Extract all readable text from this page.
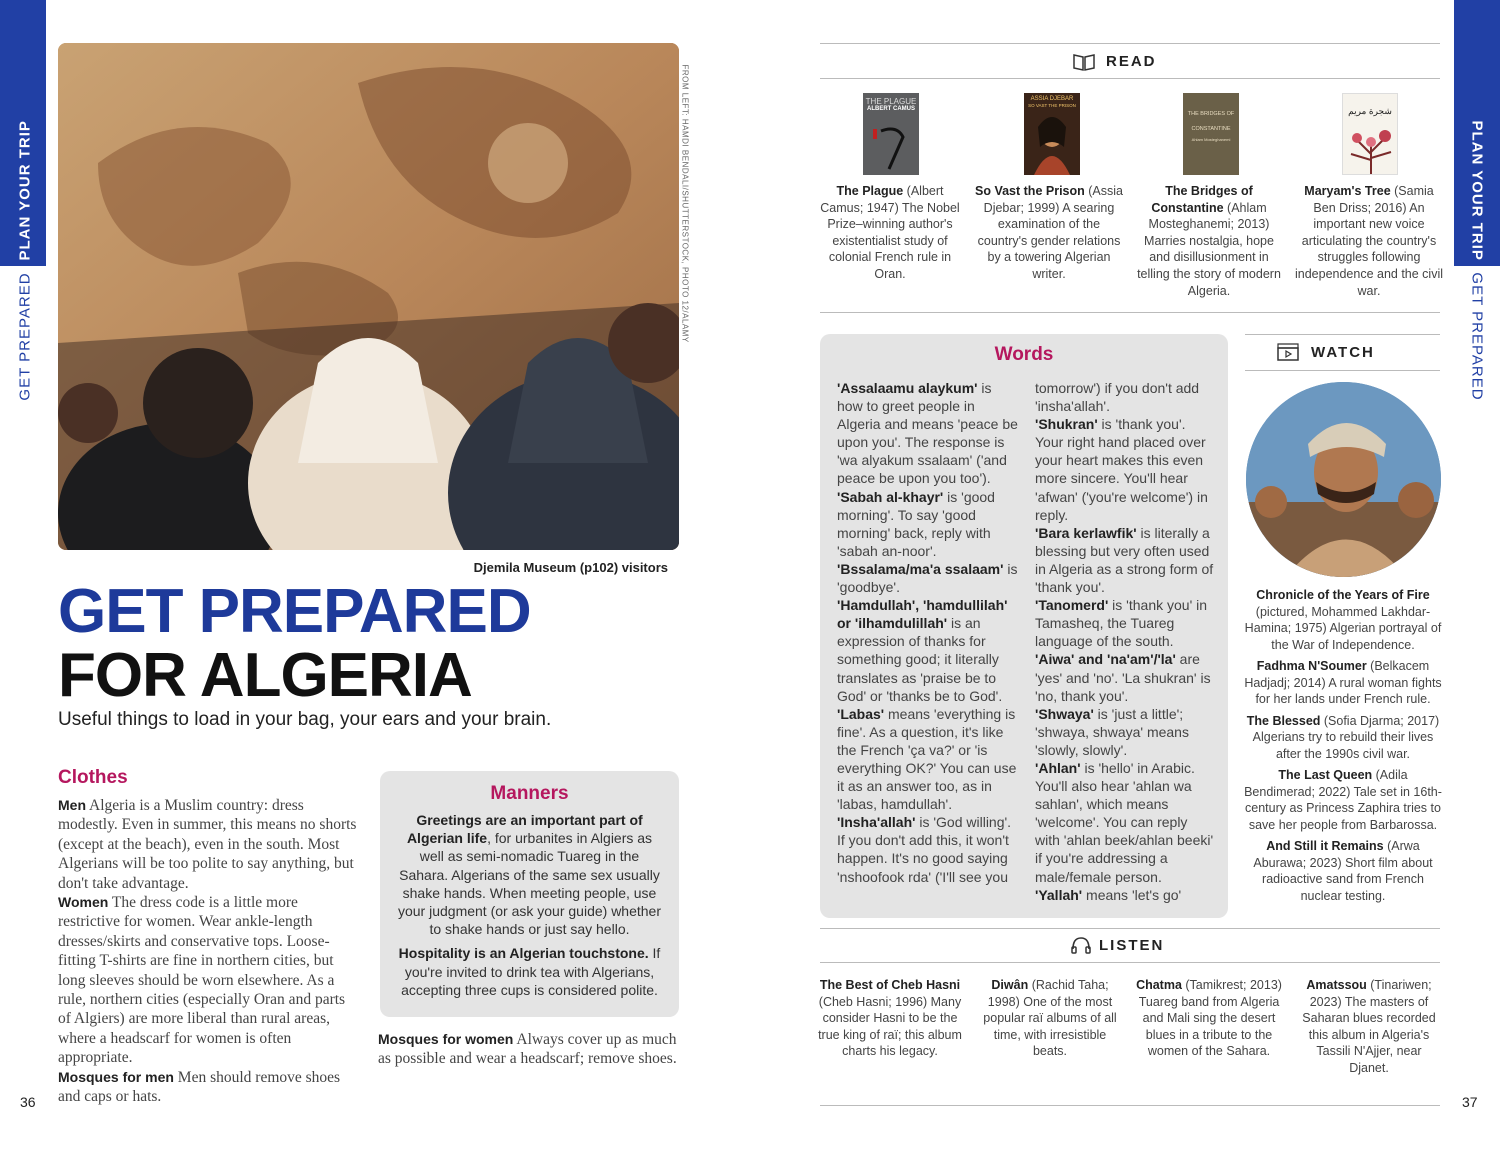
PLAN YOUR TRIP
GET PREPARED
PLAN YOUR TRIP
GET PREPARED
FROM LEFT: HAMDI BENDALI/SHUTTERSTOCK, PHOTO 12/ALAMY
Djemila Museum (p102) visitors
GET PREPARED
FOR ALGERIA
Useful things to load in your bag, your ears and your brain.
Clothes
Men Algeria is a Muslim country: dress modestly. Even in summer, this means no shorts (except at the beach), even in the south. Most Algerians will be too polite to say anything, but don't take advantage.
Women The dress code is a little more restrictive for women. Wear ankle-length dresses/skirts and conservative tops. Loose-fitting T-shirts are fine in northern cities, but long sleeves should be worn elsewhere. As a rule, northern cities (especially Oran and parts of Algiers) are more liberal than rural areas, where a headscarf for women is often appropriate.
Mosques for men Men should remove shoes and caps or hats.
Manners

Greetings are an important part of Algerian life, for urbanites in Algiers as well as semi-nomadic Tuareg in the Sahara. Algerians of the same sex usually shake hands. When meeting people, use your judgment (or ask your guide) whether to shake hands or just say hello.

Hospitality is an Algerian touchstone. If you're invited to drink tea with Algerians, accepting three cups is considered polite.

Mosques for women Always cover up as much as possible and wear a headscarf; remove shoes.
36	37
READ
THE PLAGUE
ALBERT CAMUS
ASSIA DJEBAR
SO VAST THE PRISON
THE BRIDGES OF CONSTANTINE
Ahlam Mosteghanemi
شجرة مريم
The Plague (Albert Camus; 1947) The Nobel Prize–winning author's existentialist study of colonial French rule in Oran.
So Vast the Prison (Assia Djebar; 1999) A searing examination of the country's gender relations by a towering Algerian writer.
The Bridges of Constantine (Ahlam Mosteghanemi; 2013) Marries nostalgia, hope and disillusionment in telling the story of modern Algeria.
Maryam's Tree (Samia Ben Driss; 2016) An important new voice articulating the country's struggles following independence and the civil war.
Words
'Assalaamu alaykum' is how to greet people in Algeria and means 'peace be upon you'. The response is 'wa alyakum ssalaam' ('and peace be upon you too').
'Sabah al-khayr' is 'good morning'. To say 'good morning' back, reply with 'sabah an-noor'.
'Bssalama/ma'a ssalaam' is 'goodbye'.
'Hamdullah', 'hamdullilah' or 'ilhamdulillah' is an expression of thanks for something good; it literally translates as 'praise be to God' or 'thanks be to God'.
'Labas' means 'everything is fine'. As a question, it's like the French 'ça va?' or 'is everything OK?' You can use it as an answer too, as in 'labas, hamdullah'.
'Insha'allah' is 'God willing'. If you don't add this, it won't happen. It's no good saying 'nshoofook rda' ('I'll see you
tomorrow') if you don't add 'insha'allah'.
'Shukran' is 'thank you'. Your right hand placed over your heart makes this even more sincere. You'll hear 'afwan' ('you're welcome') in reply.
'Bara kerlawfik' is literally a blessing but very often used in Algeria as a strong form of 'thank you'.
'Tanomerd' is 'thank you' in Tamasheq, the Tuareg language of the south.
'Aiwa' and 'na'am'/'la' are 'yes' and 'no'. 'La shukran' is 'no, thank you'.
'Shwaya' is 'just a little'; 'shwaya, shwaya' means 'slowly, slowly'.
'Ahlan' is 'hello' in Arabic. You'll also hear 'ahlan wa sahlan', which means 'welcome'. You can reply with 'ahlan beek/ahlan beeki' if you're addressing a male/female person.
'Yallah' means 'let's go'
WATCH
Chronicle of the Years of Fire (pictured, Mohammed Lakhdar-Hamina; 1975) Algerian portrayal of the War of Independence.
Fadhma N'Soumer (Belkacem Hadjadj; 2014) A rural woman fights for her lands under French rule.
The Blessed (Sofia Djarma; 2017) Algerians try to rebuild their lives after the 1990s civil war.
The Last Queen (Adila Bendimerad; 2022) Tale set in 16th-century as Princess Zaphira tries to save her people from Barbarossa.
And Still it Remains (Arwa Aburawa; 2023) Short film about radioactive sand from French nuclear testing.
LISTEN
The Best of Cheb Hasni (Cheb Hasni; 1996) Many consider Hasni to be the true king of raï; this album charts his legacy.
Diwân (Rachid Taha; 1998) One of the most popular raï albums of all time, with irresistible beats.
Chatma (Tamikrest; 2013) Tuareg band from Algeria and Mali sing the desert blues in a tribute to the women of the Sahara.
Amatssou (Tinariwen; 2023) The masters of Saharan blues recorded this album in Algeria's Tassili N'Ajjer, near Djanet.
